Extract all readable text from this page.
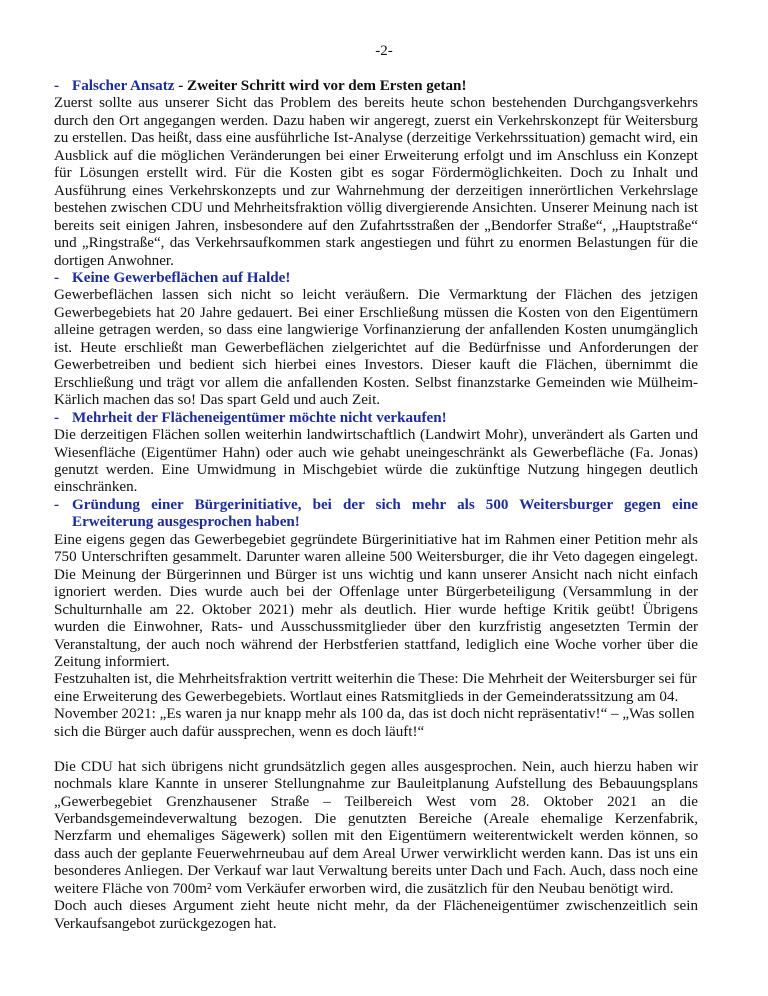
-2-
- Falscher Ansatz - Zweiter Schritt wird vor dem Ersten getan!

Zuerst sollte aus unserer Sicht das Problem des bereits heute schon bestehenden Durchgangsverkehrs durch den Ort angegangen werden. Dazu haben wir angeregt, zuerst ein Verkehrskonzept für Weitersburg zu erstellen. Das heißt, dass eine ausführliche Ist-Analyse (derzeitige Verkehrssituation) gemacht wird, ein Ausblick auf die möglichen Veränderungen bei einer Erweiterung erfolgt und im Anschluss ein Konzept für Lösungen erstellt wird. Für die Kosten gibt es sogar Fördermöglichkeiten. Doch zu Inhalt und Ausführung eines Verkehrskonzepts und zur Wahrnehmung der derzeitigen innerörtlichen Verkehrslage bestehen zwischen CDU und Mehrheitsfraktion völlig divergierende Ansichten. Unserer Meinung nach ist bereits seit einigen Jahren, insbesondere auf den Zufahrtsstraßen der „Bendorfer Straße“, „Hauptstraße“ und „Ringstraße“, das Verkehrsaufkommen stark angestiegen und führt zu enormen Belastungen für die dortigen Anwohner.

- Keine Gewerbeflächen auf Halde!

Gewerbeflächen lassen sich nicht so leicht veräußern. Die Vermarktung der Flächen des jetzigen Gewerbegebiets hat 20 Jahre gedauert. Bei einer Erschließung müssen die Kosten von den Eigentümern alleine getragen werden, so dass eine langwierige Vorfinanzierung der anfallenden Kosten unumgänglich ist. Heute erschließt man Gewerbeflächen zielgerichtet auf die Bedürfnisse und Anforderungen der Gewerbetreiben und bedient sich hierbei eines Investors. Dieser kauft die Flächen, übernimmt die Erschließung und trägt vor allem die anfallenden Kosten. Selbst finanzstarke Gemeinden wie Mülheim-Kärlich machen das so! Das spart Geld und auch Zeit.

- Mehrheit der Flächeneigentümer möchte nicht verkaufen!

Die derzeitigen Flächen sollen weiterhin landwirtschaftlich (Landwirt Mohr), unverändert als Garten und Wiesenfläche (Eigentümer Hahn) oder auch wie gehabt uneingeschränkt als Gewerbefläche (Fa. Jonas) genutzt werden. Eine Umwidmung in Mischgebiet würde die zukünftige Nutzung hingegen deutlich einschränken.

- Gründung einer Bürgerinitiative, bei der sich mehr als 500 Weitersburger gegen eine Erweiterung ausgesprochen haben!

Eine eigens gegen das Gewerbegebiet gegründete Bürgerinitiative hat im Rahmen einer Petition mehr als 750 Unterschriften gesammelt. Darunter waren alleine 500 Weitersburger, die ihr Veto dagegen eingelegt. Die Meinung der Bürgerinnen und Bürger ist uns wichtig und kann unserer Ansicht nach nicht einfach ignoriert werden. Dies wurde auch bei der Offenlage unter Bürgerbeteiligung (Versammlung in der Schulturnhalle am 22. Oktober 2021) mehr als deutlich. Hier wurde heftige Kritik geübt! Übrigens wurden die Einwohner, Rats- und Ausschussmitglieder über den kurzfristig angesetzten Termin der Veranstaltung, der auch noch während der Herbstferien stattfand, lediglich eine Woche vorher über die Zeitung informiert.

Festzuhalten ist, die Mehrheitsfraktion vertritt weiterhin die These: Die Mehrheit der Weitersburger sei für eine Erweiterung des Gewerbegebiets. Wortlaut eines Ratsmitglieds in der Gemeinderatssitzung am 04. November 2021: „Es waren ja nur knapp mehr als 100 da, das ist doch nicht repräsentativ!“ – „Was sollen sich die Bürger auch dafür aussprechen, wenn es doch läuft!“

Die CDU hat sich übrigens nicht grundsätzlich gegen alles ausgesprochen. Nein, auch hierzu haben wir nochmals klare Kannte in unserer Stellungnahme zur Bauleitplanung Aufstellung des Bebauungsplans „Gewerbegebiet Grenzhausener Straße – Teilbereich West vom 28. Oktober 2021 an die Verbandsgemeindeverwaltung bezogen. Die genutzten Bereiche (Areale ehemalige Kerzenfabrik, Nerzfarm und ehemaliges Sägewerk) sollen mit den Eigentümern weiterentwickelt werden können, so dass auch der geplante Feuerwehrneubau auf dem Areal Urwer verwirklicht werden kann. Das ist uns ein besonderes Anliegen. Der Verkauf war laut Verwaltung bereits unter Dach und Fach. Auch, dass noch eine weitere Fläche von 700m² vom Verkäufer erworben wird, die zusätzlich für den Neubau benötigt wird.

Doch auch dieses Argument zieht heute nicht mehr, da der Flächeneigentümer zwischenzeitlich sein Verkaufsangebot zurückgezogen hat.
